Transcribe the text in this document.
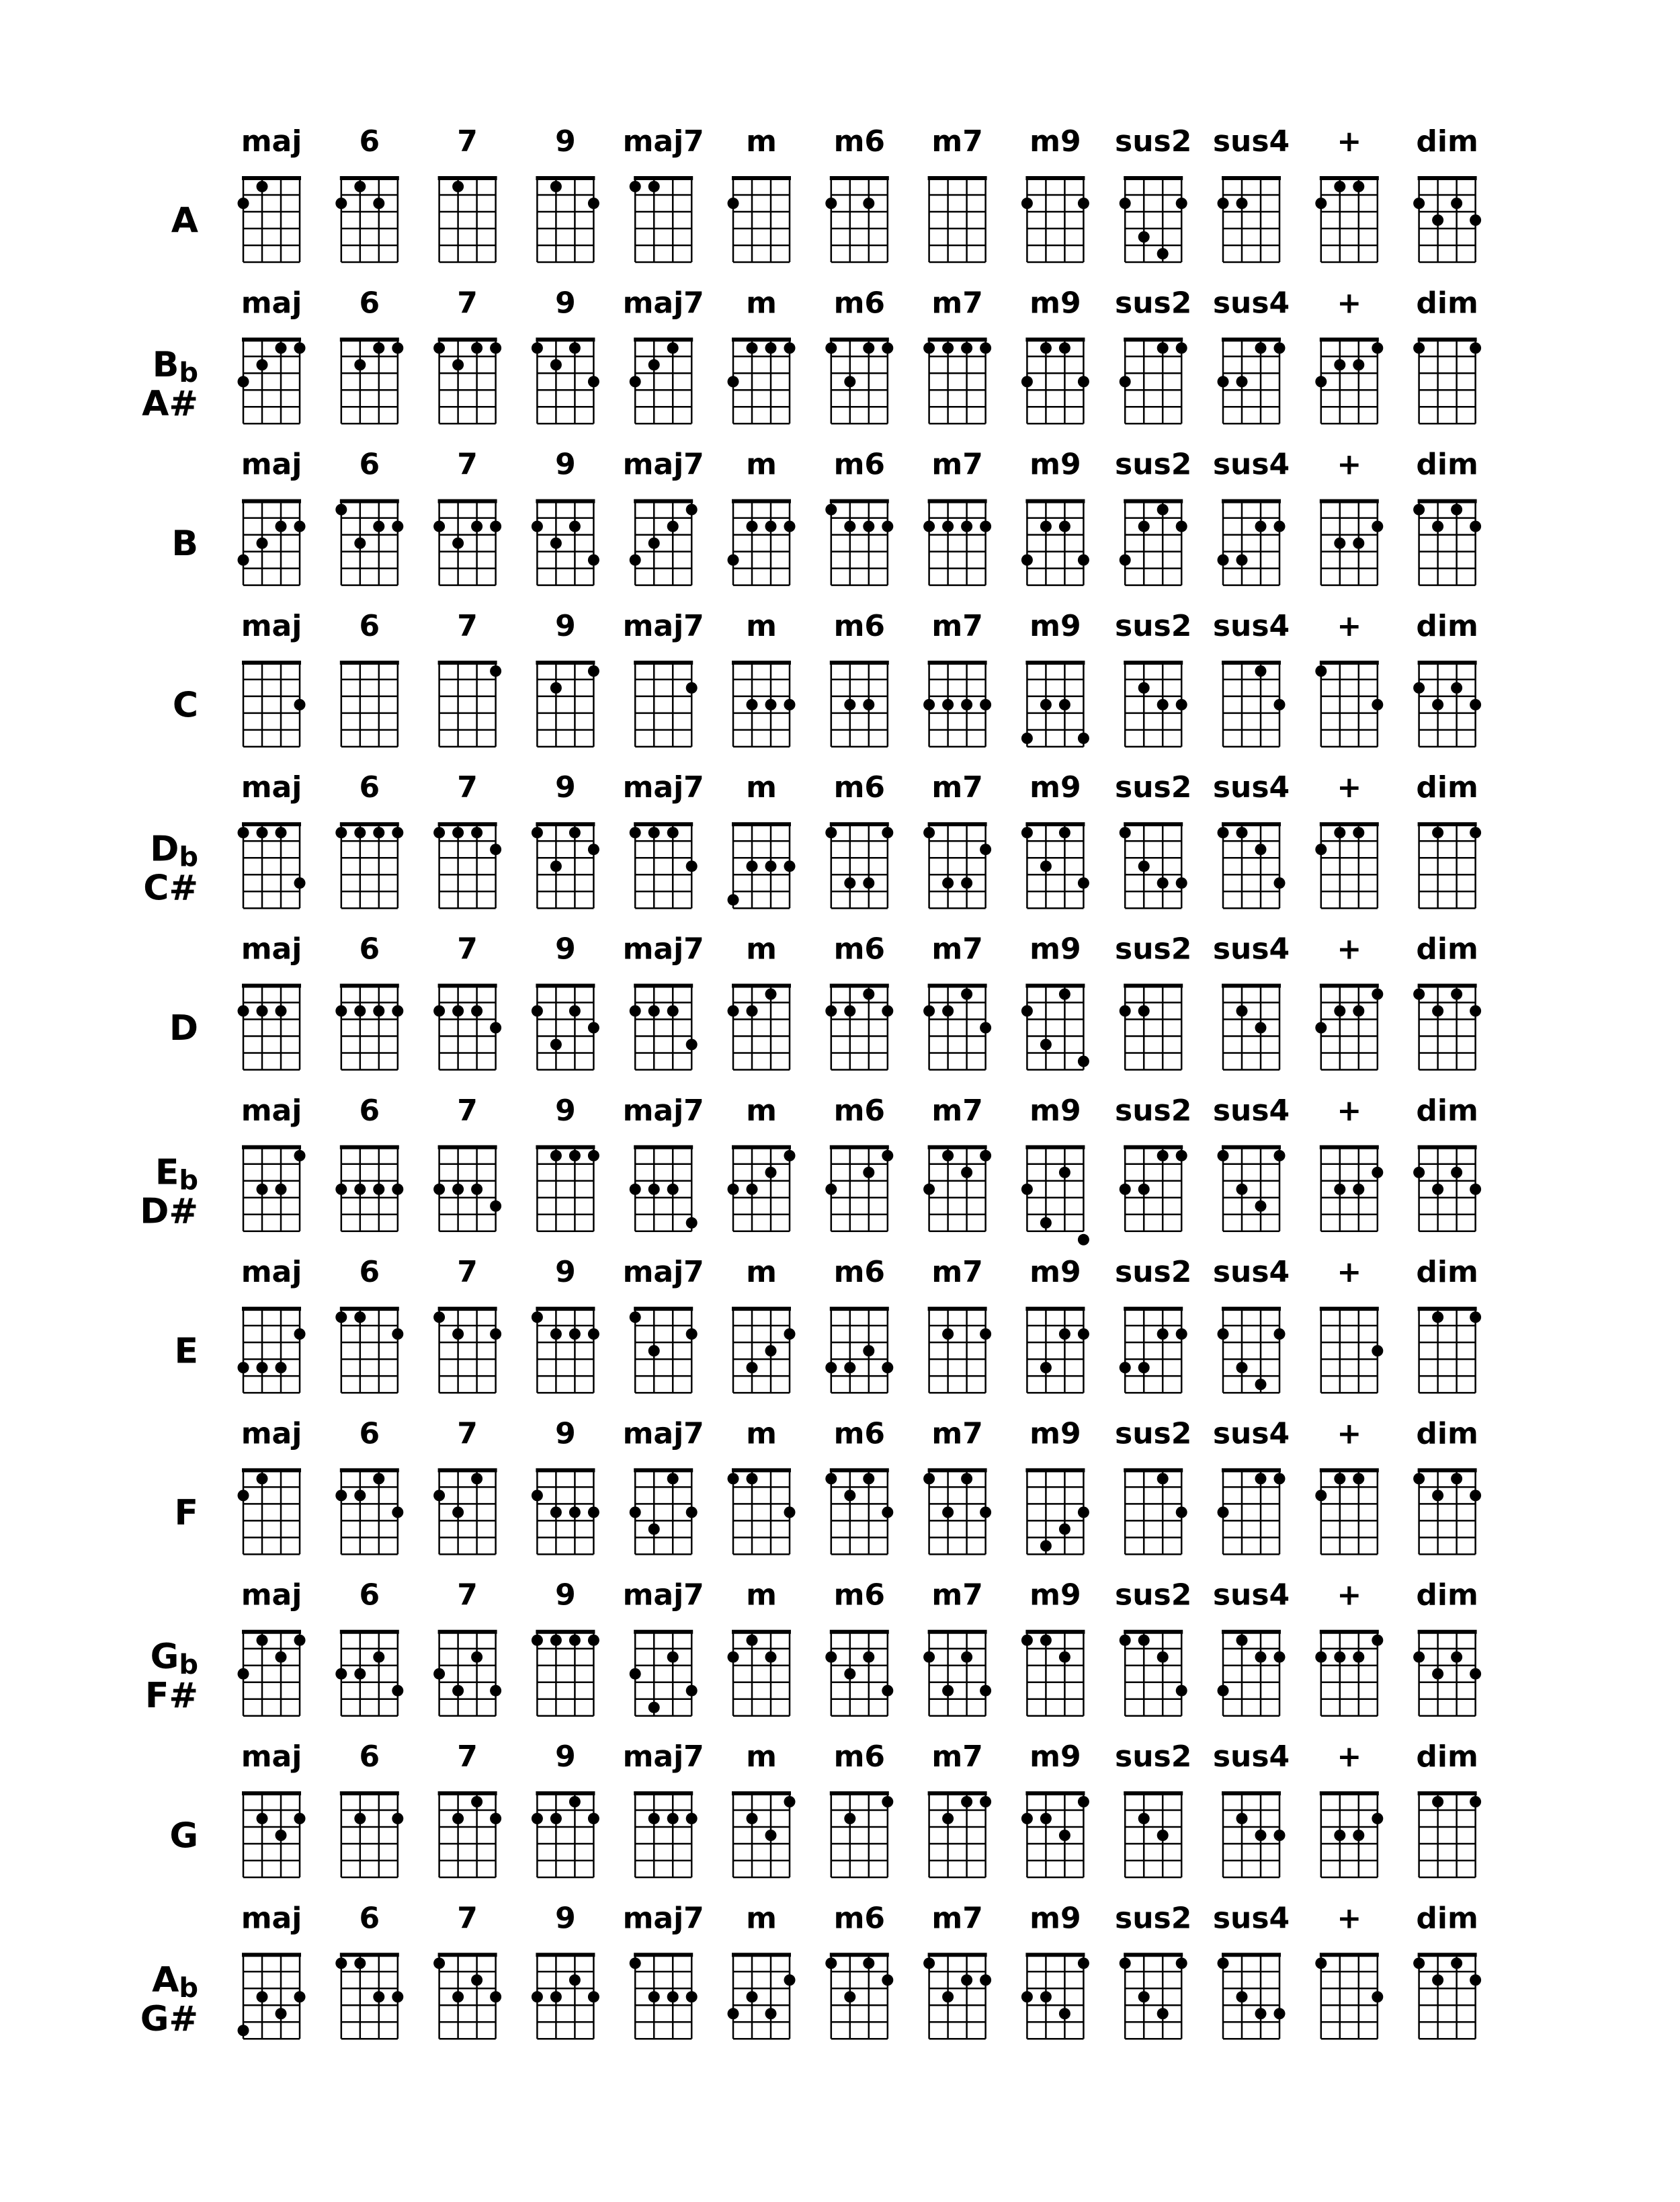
A
maj 6	7	9 maj7 m m6 m7 m9 sus2 sus4 + dim
Bb
A#
maj 6	7	9 maj7 m m6 m7 m9 sus2 sus4 + dim
B
maj 6	7	9 maj7 m m6 m7 m9 sus2 sus4 + dim
C
maj 6	7	9 maj7 m m6 m7 m9 sus2 sus4 + dim
Db
C#
maj 6	7	9 maj7 m m6 m7 m9 sus2 sus4 + dim
D
maj 6	7	9 maj7 m m6 m7 m9 sus2 sus4 + dim
Eb
D#
maj 6	7	9 maj7 m m6 m7 m9 sus2 sus4 + dim
E
maj 6	7	9 maj7 m m6 m7 m9 sus2 sus4 + dim
F
maj 6	7	9 maj7 m m6 m7 m9 sus2 sus4 + dim
Gb
F#
maj 6	7	9 maj7 m m6 m7 m9 sus2 sus4 + dim
G
maj 6	7	9 maj7 m m6 m7 m9 sus2 sus4 + dim
Ab
G#
maj 6	7	9 maj7 m m6 m7 m9 sus2 sus4 + dim
